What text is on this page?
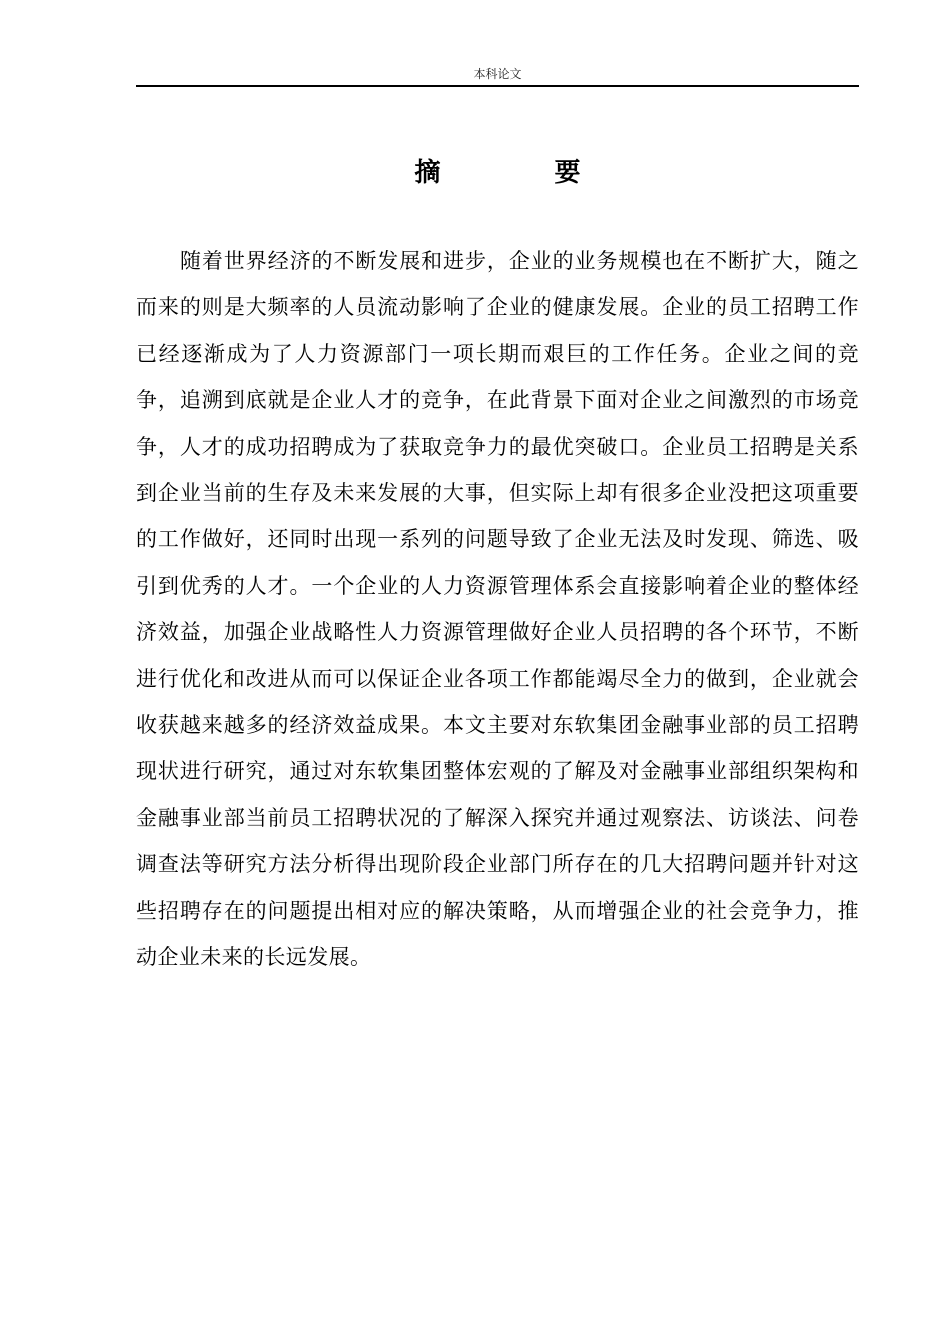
本科论文
摘　要

随着世界经济的不断发展和进步，企业的业务规模也在不断扩大，随之而来的则是大频率的人员流动影响了企业的健康发展。企业的员工招聘工作已经逐渐成为了人力资源部门一项长期而艰巨的工作任务。企业之间的竞争，追溯到底就是企业人才的竞争，在此背景下面对企业之间激烈的市场竞争，人才的成功招聘成为了获取竞争力的最优突破口。企业员工招聘是关系到企业当前的生存及未来发展的大事，但实际上却有很多企业没把这项重要的工作做好，还同时出现一系列的问题导致了企业无法及时发现、筛选、吸引到优秀的人才。一个企业的人力资源管理体系会直接影响着企业的整体经济效益，加强企业战略性人力资源管理做好企业人员招聘的各个环节，不断进行优化和改进从而可以保证企业各项工作都能竭尽全力的做到，企业就会收获越来越多的经济效益成果。本文主要对东软集团金融事业部的员工招聘现状进行研究，通过对东软集团整体宏观的了解及对金融事业部组织架构和金融事业部当前员工招聘状况的了解深入探究并通过观察法、访谈法、问卷调查法等研究方法分析得出现阶段企业部门所存在的几大招聘问题并针对这些招聘存在的问题提出相对应的解决策略，从而增强企业的社会竞争力，推动企业未来的长远发展。
